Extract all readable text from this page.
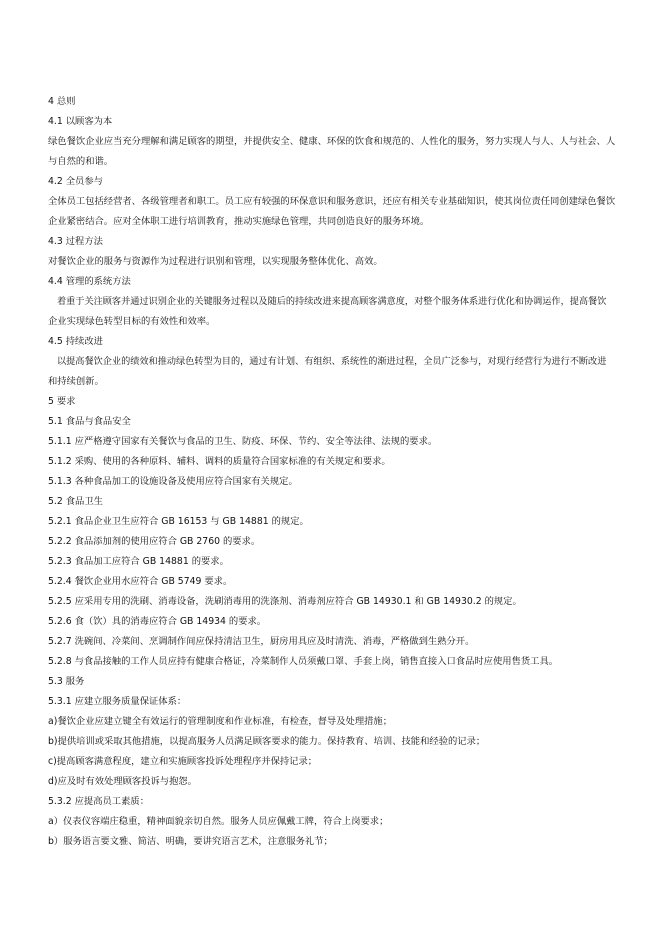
4 总则
4.1 以顾客为本
绿色餐饮企业应当充分理解和满足顾客的期望，并提供安全、健康、环保的饮食和规范的、人性化的服务，努力实现人与人、人与社会、人
与自然的和谐。
4.2 全员参与
全体员工包括经营者、各级管理者和职工。员工应有较强的环保意识和服务意识，还应有相关专业基础知识，使其岗位责任同创建绿色餐饮
企业紧密结合。应对全体职工进行培训教育，推动实施绿色管理，共同创造良好的服务环境。
4.3 过程方法
对餐饮企业的服务与资源作为过程进行识别和管理，以实现服务整体优化、高效。
4.4 管理的系统方法
着重于关注顾客并通过识别企业的关键服务过程以及随后的持续改进来提高顾客满意度，对整个服务体系进行优化和协调运作，提高餐饮
企业实现绿色转型目标的有效性和效率。
4.5 持续改进
以提高餐饮企业的绩效和推动绿色转型为目的，通过有计划、有组织、系统性的渐进过程，全员广泛参与，对现行经营行为进行不断改进
和持续创新。
5 要求
5.1 食品与食品安全
5.1.1 应严格遵守国家有关餐饮与食品的卫生、防疫、环保、节约、安全等法律、法规的要求。
5.1.2 采购、使用的各种原料、辅料、调料的质量符合国家标准的有关规定和要求。
5.1.3 各种食品加工的设施设备及使用应符合国家有关规定。
5.2 食品卫生
5.2.1 食品企业卫生应符合 GB 16153 与 GB 14881 的规定。
5.2.2 食品添加剂的使用应符合 GB 2760 的要求。
5.2.3 食品加工应符合 GB 14881 的要求。
5.2.4 餐饮企业用水应符合 GB 5749 要求。
5.2.5 应采用专用的洗刷、消毒设备，洗刷消毒用的洗涤剂、消毒剂应符合 GB 14930.1 和 GB 14930.2 的规定。
5.2.6 食（饮）具的消毒应符合 GB 14934 的要求。
5.2.7 洗碗间、冷菜间、烹调制作间应保持清洁卫生，厨房用具应及时清洗、消毒，严格做到生熟分开。
5.2.8 与食品接触的工作人员应持有健康合格证，冷菜制作人员须戴口罩、手套上岗，销售直接入口食品时应使用售货工具。
5.3 服务
5.3.1 应建立服务质量保证体系：
a)餐饮企业应建立键全有效运行的管理制度和作业标准，有检查，督导及处理措施；
b)提供培训或采取其他措施，以提高服务人员满足顾客要求的能力。保持教育、培训、技能和经验的记录；
c)提高顾客满意程度，建立和实施顾客投诉处理程序并保持记录；
d)应及时有效处理顾客投诉与抱怨。
5.3.2 应提高员工素质：
a）仪表仪容端庄稳重，精神面貌亲切自然。服务人员应佩戴工牌，符合上岗要求；
b）服务语言要文雅、简洁、明确，要讲究语言艺术，注意服务礼节；
